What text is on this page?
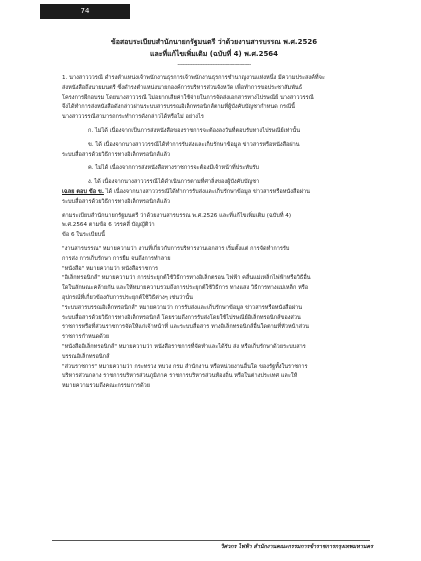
74
ข้อสอบระเบียบสำนักนายกรัฐมนตรี ว่าด้วยงานสารบรรณ พ.ศ.2526
และที่แก้ไขเพิ่มเติม (ฉบับที่ 4) พ.ศ.2564
--------------------------------------------

1. นางสาวววรณี ดำรงตำแหน่งเจ้าพนักงานธุรการเจ้าพนักงานธุรการชำนาญงานแห่งหนึ่ง มีความประสงค์ที่จะ

ส่งหนังสือถึงนายมนตรี ซึ่งดำรงตำแหน่งนายกองค์การบริหารส่วนจังหวัด เพื่อทำการขอประชาสัมพันธ์

โครงการฝึกอบรม โดยนางสาววรณี ไม่อยากเสียค่าใช้จ่ายในการจัดส่งเอกสารทางไปรษณีย์ นางสาววรรณี

จึงได้ทำการส่งหนังสือดังกล่าวผ่านระบบสารบรรณอิเล็กทรอนิกส์ตามที่ผู้บังคับบัญชากำหนด กรณีนี้

นางสาววรรณีสามารถกระทำการดังกล่าวได้หรือไม่ อย่างไร

ก. ไม่ได้ เนื่องจากเป็นการส่งหนังสือของราชการจะต้องลงวันที่ตอบรับทางไปรษณีย์เท่านั้น

ข. ได้ เนื่องจากนางสาววรรณีได้ทำการรับส่งและเก็บรักษาข้อมูล ข่าวสารหรือหนังสือผ่าน

ระบบสื่อสารด้วยวิธีการทางอิเล็กทรอนิกส์แล้ว

ค. ไม่ได้ เนื่องจากการส่งหนังสือทางราชการจะต้องมีเจ้าหน้าที่ประทับรับ

ง. ได้ เนื่องจากนางสาววรรณีได้ดำเนินการตามที่ศาลิ่งของผู้บังคับบัญชา

เฉลย ตอบ ข้อ ข. ได้ เนื่องจากนางสาววรรณีได้ทำการรับส่งและเก็บรักษาข้อมูล ข่าวสารหรือหนังสือผ่าน

ระบบสื่อสารด้วยวิธีการทางอิเล็กทรอนิกส์แล้ว

ตามระเบียบสำนักนายกรัฐมนตรี ว่าด้วยงานสารบรรณ พ.ศ.2526 และที่แก้ไขเพิ่มเติม (ฉบับที่ 4)

พ.ศ.2564 ตามข้อ 6 วรรคสี่ บัญญัติว่า

ข้อ 6 ในระเบียบนี้

"งานสารบรรณ" หมายความว่า งานที่เกี่ยวกับการบริหารงานเอกสาร เริ่มตั้งแต่ การจัดทำการรับ

การส่ง การเก็บรักษา การยืม จนถึงการทำลาย

"หนังสือ" หมายความว่า หนังสือราชการ

"อิเล็กทรอนิกส์" หมายความว่า การประยุกต์ใช้วิธีการทางอิเล็กตรอน ไฟฟ้า คลื่นแม่เหล็กไฟฟ้าหรือวิธีอื่น

ใดในลักษณะคล้ายกัน และให้หมายความรวมถึงการประยุกต์ใช้วิธีการ ทางแสง วิธีการทางแม่เหล็ก หรือ

อุปกรณ์ที่เกี่ยวข้องกับการประยุกต์ใช้วิธีต่างๆ เช่นว่านั้น

"ระบบสารบรรณอิเล็กทรอนิกส์" หมายความว่า การรับส่งและเก็บรักษาข้อมูล ข่าวสารหรือหนังสือผ่าน

ระบบสื่อสารด้วยวิธีการทางอิเล็กทรอนิกส์ โดยรวมถึงการรับส่งโดยใช้ไปรษณีย์อิเล็กทรอนิกส์ของส่วน

ราชการหรือที่ส่วนราชการจัดให้แก่เจ้าหน้าที่ และระบบสื่อสาร ทางอิเล็กทรอนิกส์อื่นใดตามที่หัวหน้าส่วน

ราชการกำหนดด้วย

"หนังสืออิเล็กทรอนิกส์" หมายความว่า หนังสือราชการที่จัดทำและได้รับ ส่ง หรือเก็บรักษาด้วยระบบสาร

บรรณอิเล็กทรอนิกส์

"ส่วนราชการ" หมายความว่า กระทรวง ทบวง กรม สำนักงาน หรือหน่วยงานอื่นใด ของรัฐทั้งในราชการ

บริหารส่วนกลาง ราชการบริหารส่วนภูมิภาค ราชการบริหารส่วนท้องถิ่น หรือในต่างประเทศ และให้

หมายความรวมถึงคณะกรรมการด้วย

วิศวกร ไฟฟ้า สำนักงานคณะกรรมการข้าราชการกรุงเทพมหานคร
